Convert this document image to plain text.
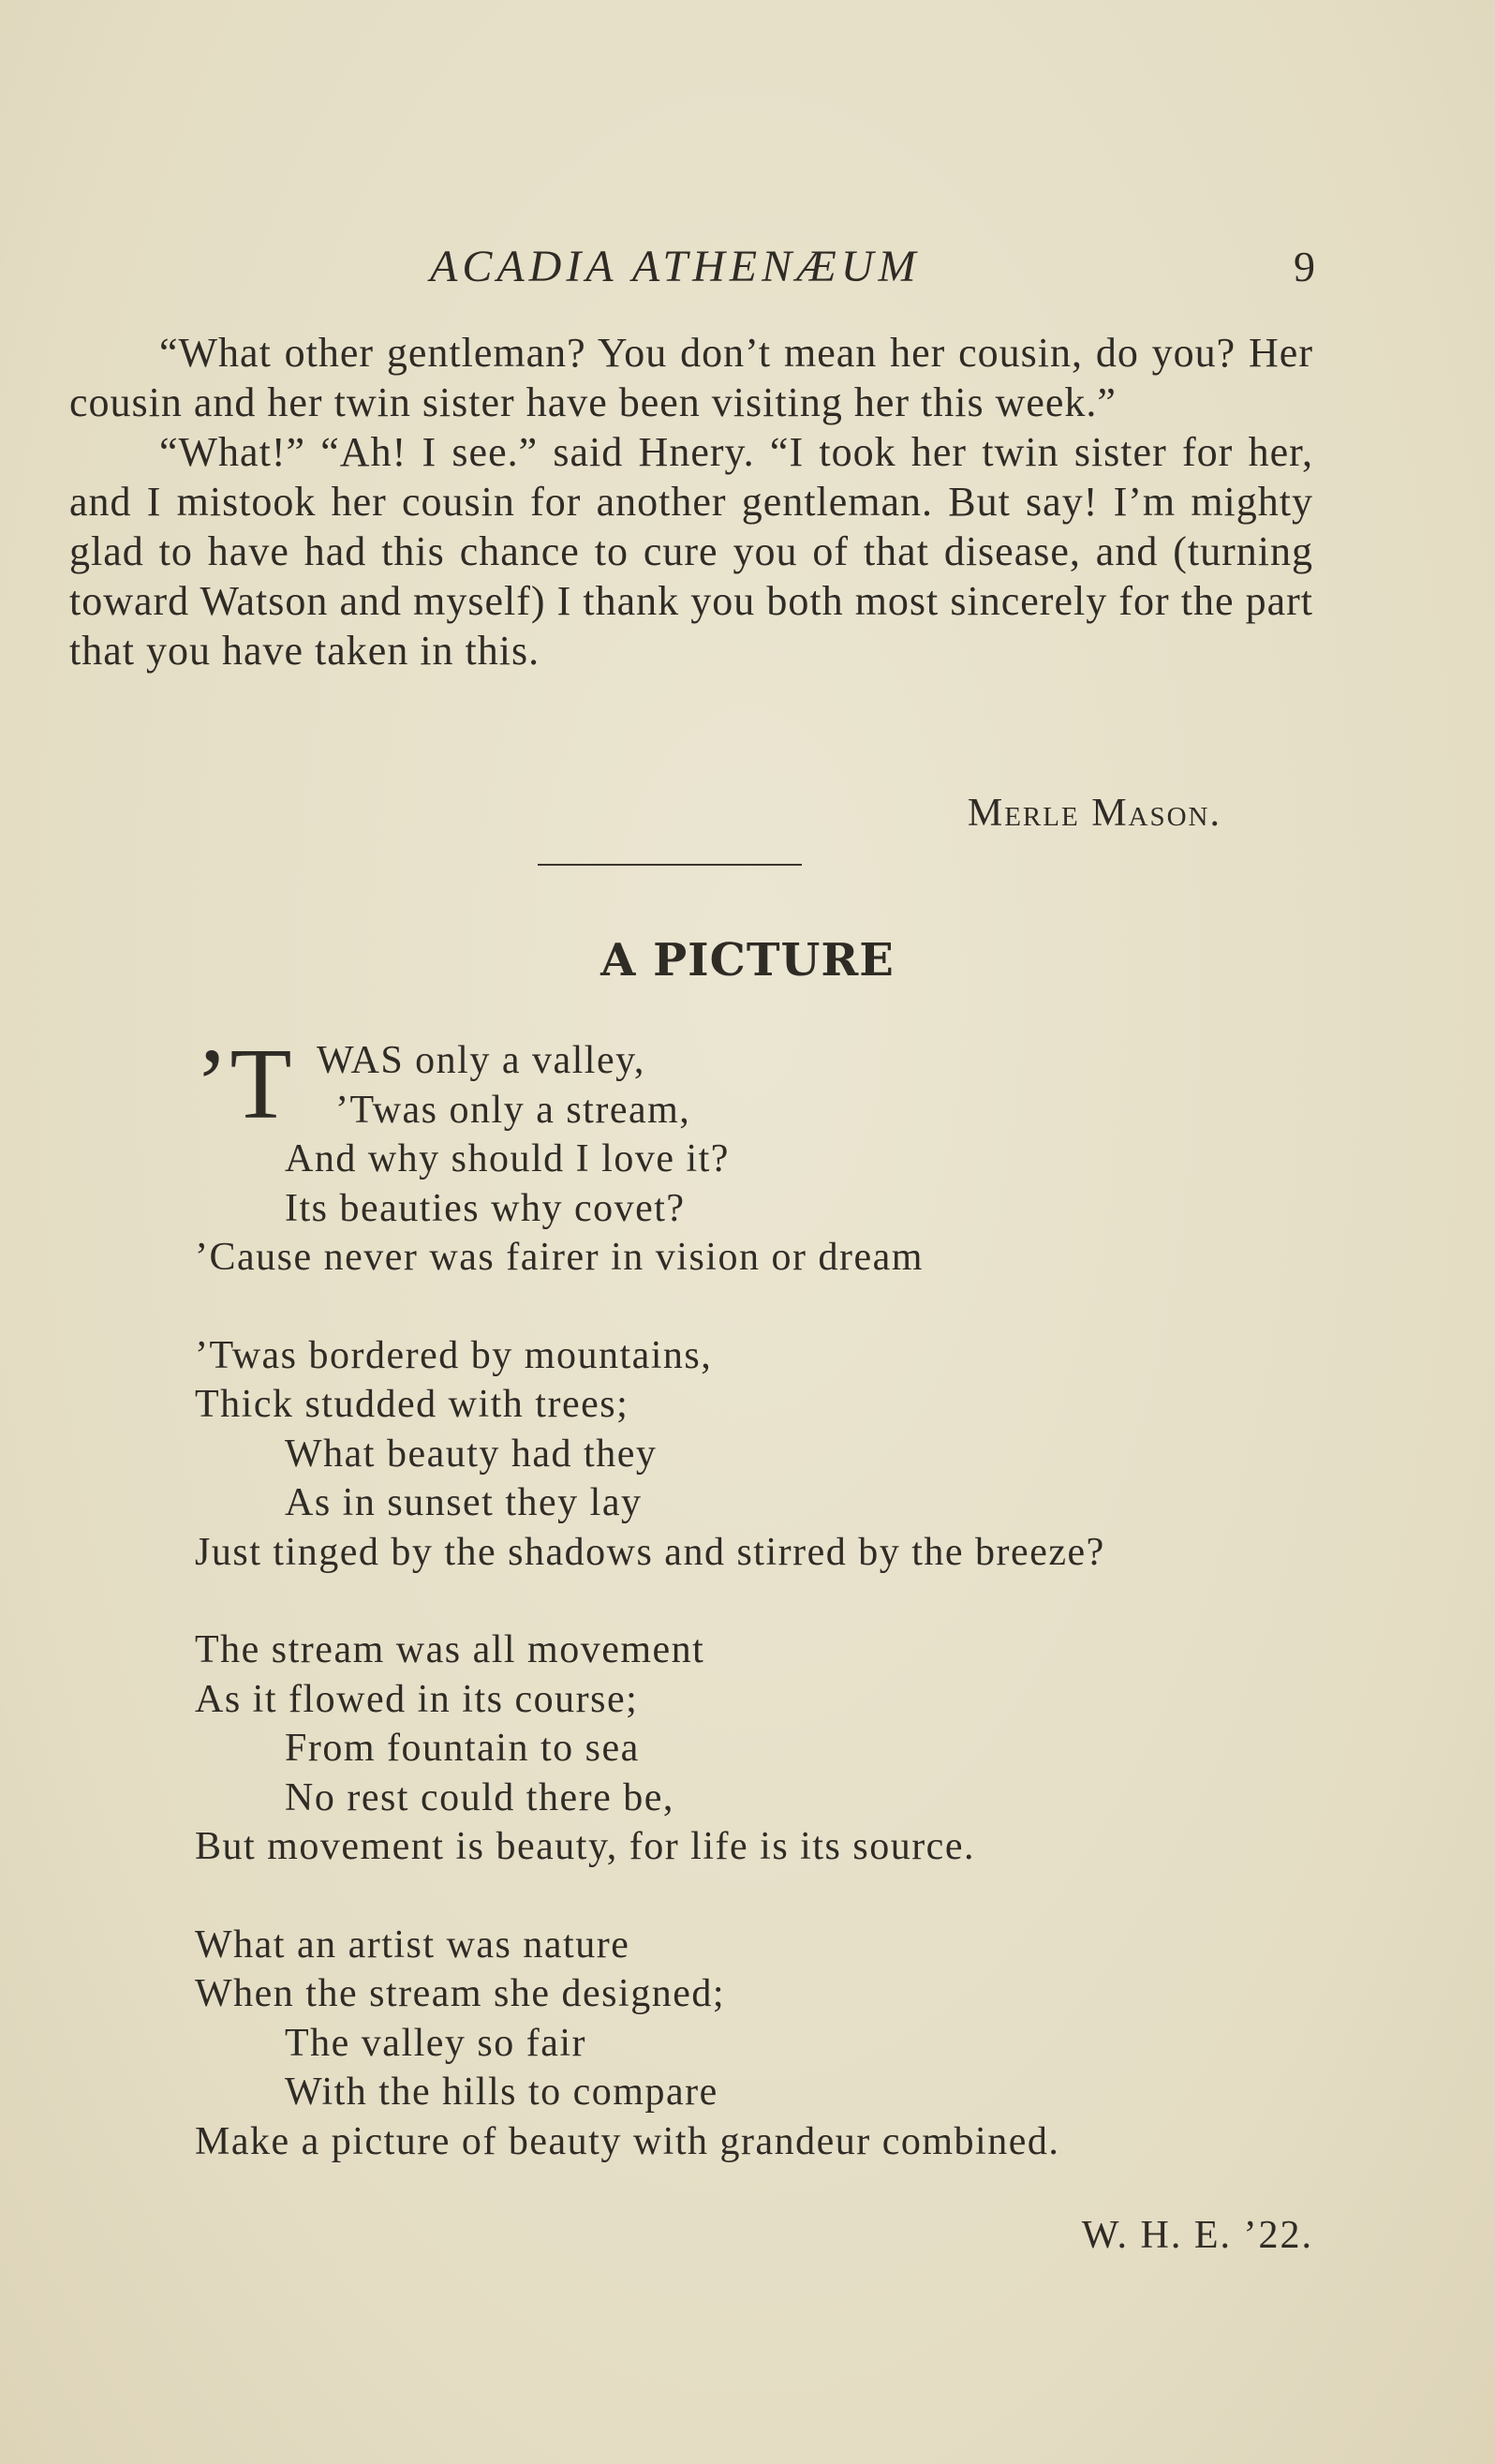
ACADIA ATHENÆUM	9

“What other gentleman? You don’t mean her cousin, do you? Her cousin and her twin sister have been visiting her this week.”

“What!” “Ah! I see.” said Hnery. “I took her twin sister for her, and I mistook her cousin for another gentleman. But say! I’m mighty glad to have had this chance to cure you of that disease, and (turning toward Watson and myself) I thank you both most sincerely for the part that you have taken in this.

Merle Mason.
A PICTURE
’T WAS only a valley,
’Twas only a stream,
And why should I love it?
Its beauties why covet?
’Cause never was fairer in vision or dream
’Twas bordered by mountains,
Thick studded with trees;
What beauty had they
As in sunset they lay
Just tinged by the shadows and stirred by the breeze?
The stream was all movement
As it flowed in its course;
From fountain to sea
No rest could there be,
But movement is beauty, for life is its source.
What an artist was nature
When the stream she designed;
The valley so fair
With the hills to compare
Make a picture of beauty with grandeur combined.
W. H. E. ’22.
